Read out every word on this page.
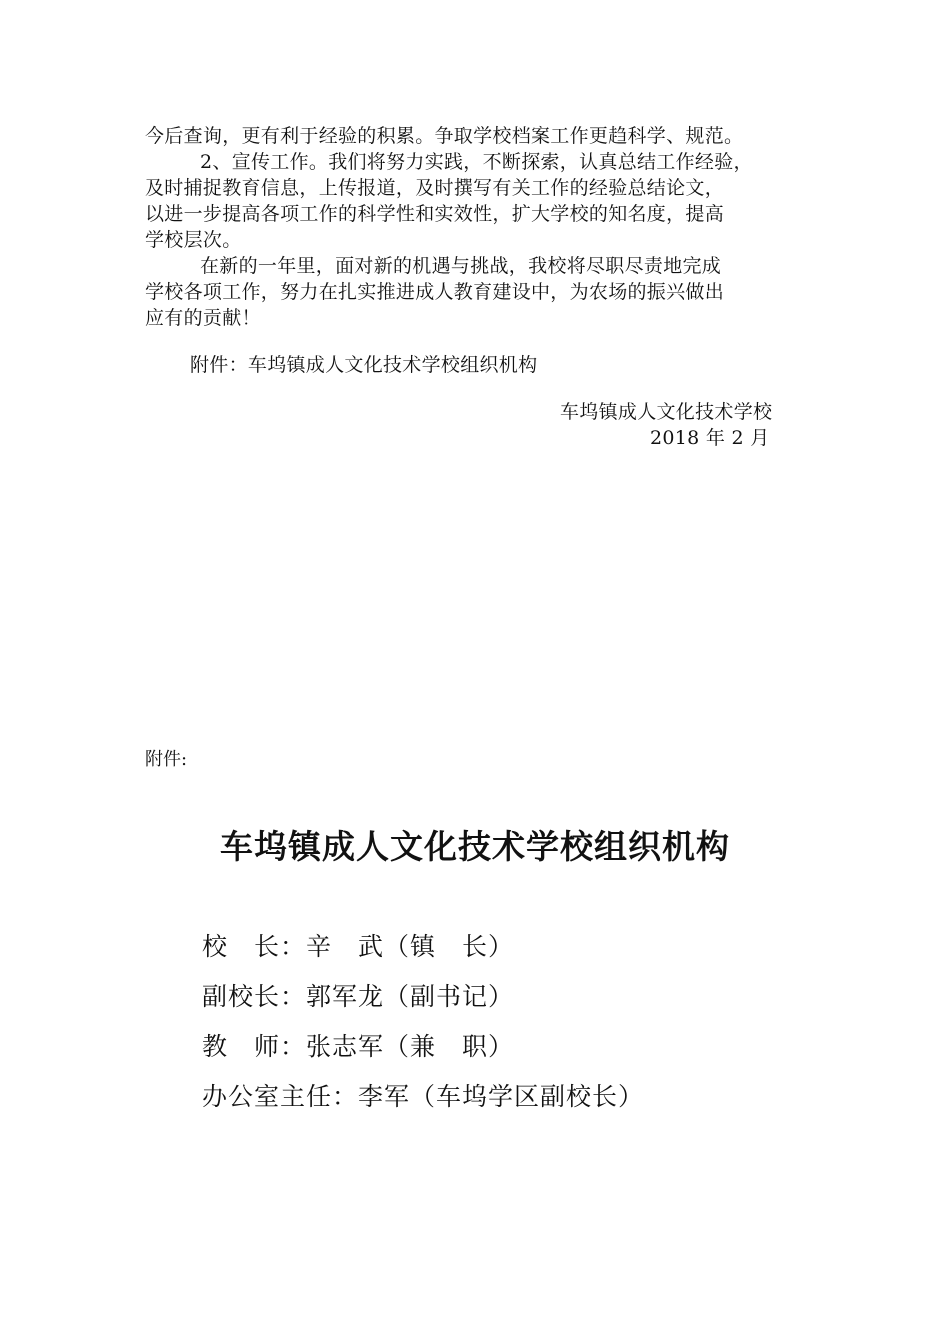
今后查询，更有利于经验的积累。争取学校档案工作更趋科学、规范。
2、宣传工作。我们将努力实践，不断探索，认真总结工作经验，
及时捕捉教育信息，上传报道，及时撰写有关工作的经验总结论文，
以进一步提高各项工作的科学性和实效性，扩大学校的知名度，提高
学校层次。
在新的一年里，面对新的机遇与挑战，我校将尽职尽责地完成
学校各项工作，努力在扎实推进成人教育建设中，为农场的振兴做出
应有的贡献！
附件：车坞镇成人文化技术学校组织机构
车坞镇成人文化技术学校
2018 年 2 月
附件:
车坞镇成人文化技术学校组织机构
校　长：辛　武（镇　长）
副校长：郭军龙（副书记）
教　师：张志军（兼　职）
办公室主任：李军（车坞学区副校长）
